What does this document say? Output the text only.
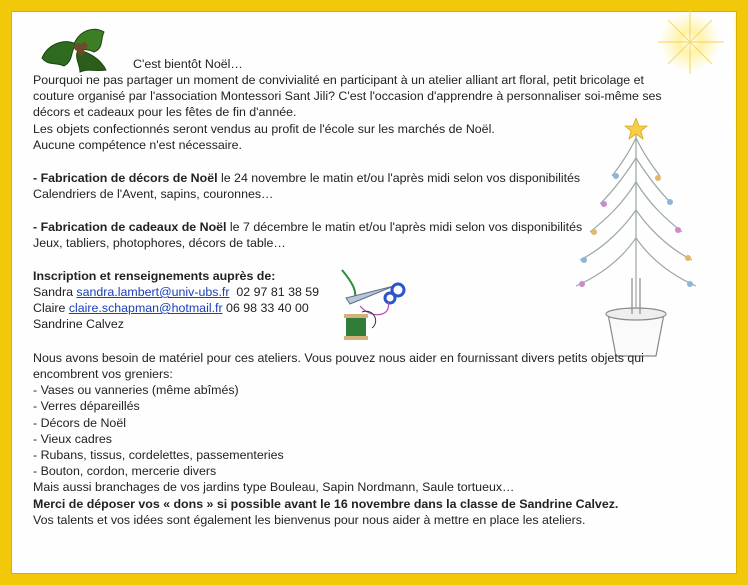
C'est bientôt Noël…
Pourquoi ne pas partager un moment de convivialité en participant à un atelier alliant art floral, petit bricolage et
couture organisé par l'association Montessori Sant Jili? C'est l'occasion d'apprendre à personnaliser soi-même ses
décors et cadeaux pour les fêtes de fin d'année.
Les objets confectionnés seront vendus au profit de l'école sur les marchés de Noël.
Aucune compétence n'est nécessaire.
- Fabrication de décors de Noël le 24 novembre le matin et/ou l'après midi selon vos disponibilités
Calendriers de l'Avent, sapins, couronnes…
- Fabrication de cadeaux de Noël le 7 décembre le matin et/ou l'après midi selon vos disponibilités
Jeux, tabliers, photophores, décors de table…
Inscription et renseignements auprès de:
Sandra sandra.lambert@univ-ubs.fr 02 97 81 38 59
Claire claire.schapman@hotmail.fr 06 98 33 40 00
Sandrine Calvez
Nous avons besoin de matériel pour ces ateliers. Vous pouvez nous aider en fournissant divers petits objets qui
encombrent vos greniers:
- Vases ou vanneries (même abîmés)
- Verres dépareillés
- Décors de Noël
- Vieux cadres
- Rubans, tissus, cordelettes, passementeries
- Bouton, cordon, mercerie divers
Mais aussi branchages de vos jardins type Bouleau, Sapin Nordmann, Saule tortueux…
Merci de déposer vos « dons » si possible avant le 16 novembre dans la classe de Sandrine Calvez.
Vos talents et vos idées sont également les bienvenus pour nous aider à mettre en place les ateliers.
